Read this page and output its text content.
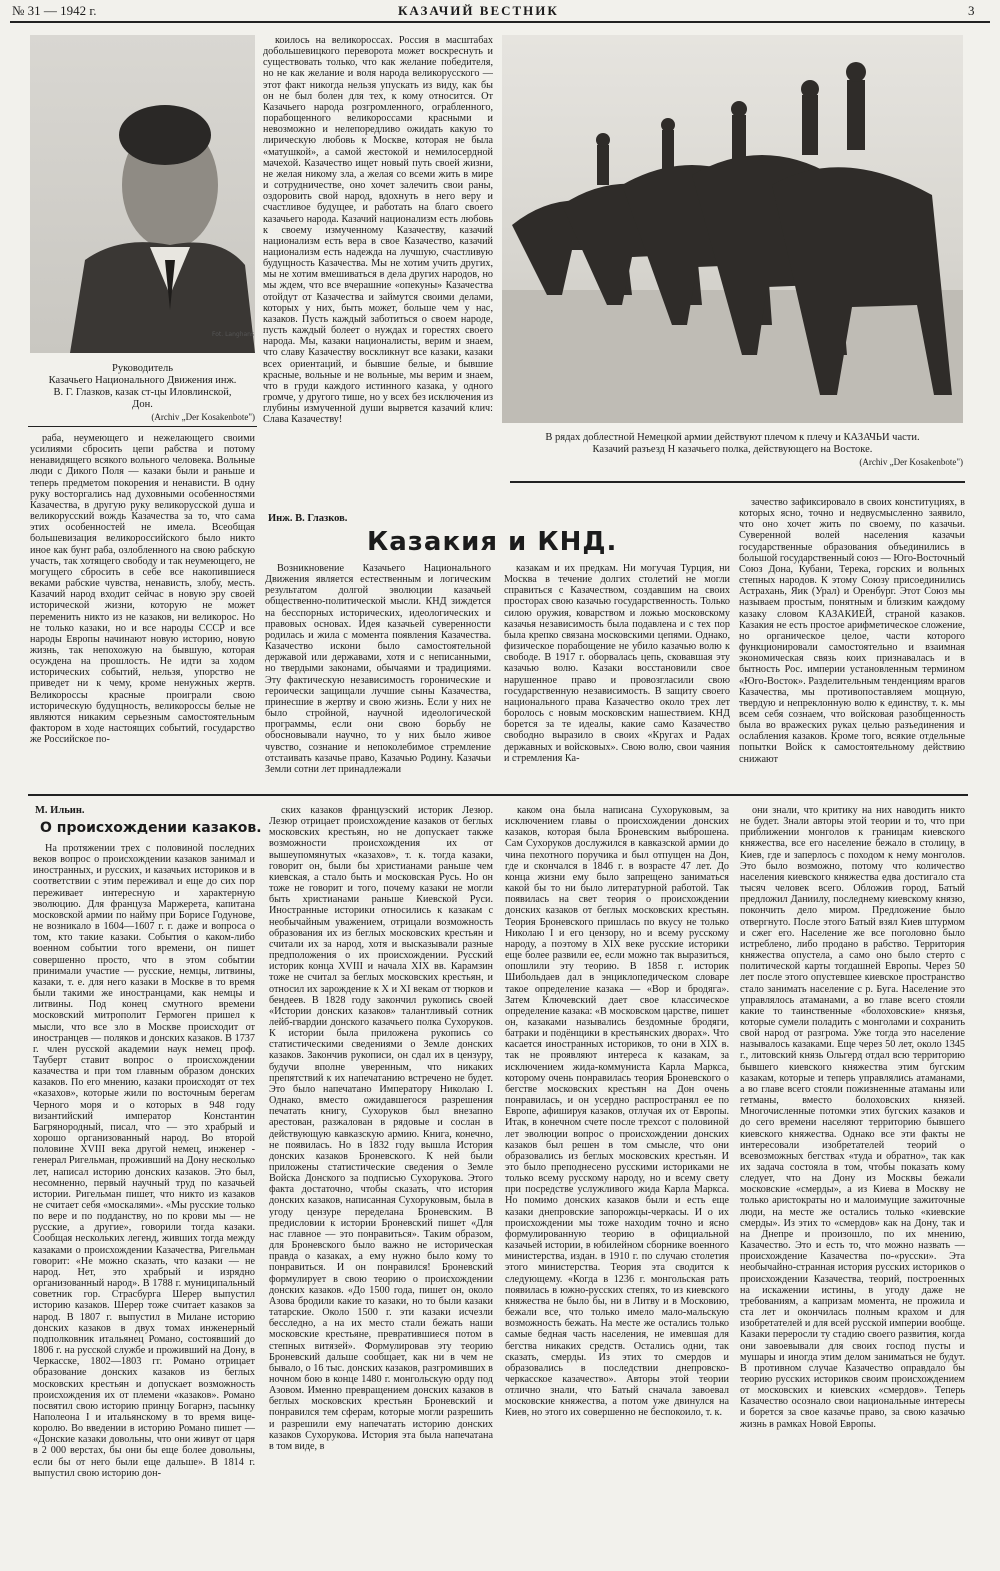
№ 31 — 1942 г.	КАЗАЧИЙ ВЕСТНИК	3
Fot. Langhans
Руководитель
Казачьего Национального Движения инж.
В. Г. Глазков, казак ст-цы Иловлинской,
Дон.
(Archiv „Der Kosakenbote")
В рядах доблестной Немецкой армии действуют плечом к плечу и КАЗАЧЬИ части.
Казачий разъезд Н казачьего полка, действующего на Востоке.
(Archiv „Der Kosakenbote")

раба, неумеющего и нежелающего своими усилиями сбросить цепи рабства и потому ненавидящего всякого вольного человека. Вольные люди с Дикого Поля — казаки были и раньше и теперь предметом покорения и ненависти. В одну руку восторгались над духовными особенностями Казачества, в другую руку великорусской душа и великорусский вождь Казачества за то, что сама этих особенностей не имела. Всеобщая большевизация великороссийского было никто иное как бунт раба, озлобленного на свою рабскую участь, так хотящего свободу и так неумеющего, не могущего сбросить в себе все накопившиеся веками рабские чувства, ненависть, злобу, месть. Казачий народ входит сейчас в новую эру своей исторической жизни, которую не может переменить никто из не казаков, ни великорос. Но не только казаки, но и все народы СССР и все народы Европы начинают новую историю, новую жизнь, так непохожую на бывшую, которая осуждена на прошлость. Не идти за ходом исторических событий, нельзя, упорство не приведет ни к чему, кроме ненужных жертв. Великороссы красные проиграли свою историческую будущность, великороссы белые не являются никаким серьезным самостоятельным фактором в ходе настоящих событий, государство же Российское по-

коилось на великороссах. Россия в масштабах добольшевицкого переворота может воскреснуть и существовать только, что как желание победителя, но не как желание и воля народа великорусского — этот факт никогда нельзя упускать из виду, как бы он не был болен для тех, к кому относится. От Казачьего народа розгромленного, ограбленного, порабощенного великороссами красными и невозможно и нелепоредливо ожидать какую то лирическую любовь к Москве, которая не была «матушкой», а самой жестокой и немилосердной мачехой. Казачество ищет новый путь своей жизни, не желая никому зла, а желая со всеми жить в мире и сотрудничестве, оно хочет залечить свои раны, оздоровить свой народ, вдохнуть в него веру и счастливое будущее, и работать на благо своего казачьего народа. Казачий национализм есть любовь к своему измученному Казачеству, казачий национализм есть вера в свое Казачество, казачий национализм есть надежда на лучшую, счастливую будущность Казачества. Мы не хотим учить других, мы не хотим вмешиваться в дела других народов, но мы ждем, что все вчерашние «опекуны» Казачества отойдут от Казачества и займутся своими делами, которых у них, быть может, больше чем у нас, казаков. Пусть каждый заботиться о своем народе, пусть каждый болеет о нуждах и горестях своего народа. Мы, казаки националисты, верим и знаем, что славу Казачеству воскликнут все казаки, казаки всех ориентаций, и бывшие белые, и бывшие красные, вольные и не вольные, мы верим и знаем, что в груди каждого истинного казака, у одного громче, у другого тише, но у всех без исключения из глубины измученной души вырвется казачий клич: Слава Казачеству!

Инж. В. Глазков.
Казакия и КНД.

Возникновение Казачьего Национального Движения является естественным и логическим результатом долгой эволюции казачьей общественно-политической мысли. КНД зиждется на бесспорных исторических, идеологических и правовых основах. Идея казачьей суверенности родилась и жила с момента появления Казачества. Казачество искони было самостоятельной державой или державами, хотя и с неписанными, но твердыми законами, обычаями и традициями. Эту фактическую независимость горонические и героически защищали лучшие сыны Казачества, принесшие в жертву и свою жизнь. Если у них не было стройной, научной идеологической программы, если они свою борьбу не обосновывали научно, то у них было живое чувство, сознание и непоколебимое стремление отстаивать казачье право, Казачью Родину. Казачьи Земли сотни лет принадлежали

казакам и их предкам. Ни могучая Турция, ни Москва в течение долгих столетий не могли справиться с Казачеством, создавшим на своих просторах свою казачью государственность. Только силою оружия, коварством и ложью московскому казачья независимость была подавлена и с тех пор была крепко связана московскими цепями. Однако, физическое порабощение не убило казачью волю к свободе. В 1917 г. оборвалась цепь, сковавшая эту казачью волю. Казаки восстановили свое нарушенное право и провозгласили свою государственную независимость. В защиту своего национального права Казачество около трех лет боролось с новым московским нашествием. КНД борется за те идеалы, какие само Казачество свободно выразило в своих «Кругах и Радах державных и войсковых». Свою волю, свои чаяния и стремления Ка-

зачество зафиксировало в своих конституциях, в которых ясно, точно и недвусмысленно заявило, что оно хочет жить по своему, по казачьи. Суверенной волей населения казачьи государственные образования объединились в большой государственный союз — Юго-Восточный Союз Дона, Кубани, Терека, горских и вольных степных народов. К этому Союзу присоединились Астрахань, Яик (Урал) и Оренбург. Этот Союз мы называем простым, понятным и близким каждому казаку словом КАЗАКИЕЙ, страной казаков. Казакия не есть простое арифметическое сложение, но органическое целое, части которого функционировали самостоятельно и взаимная экономическая связь коих признавалась и в бытность Рос. империи установленным термином «Юго-Восток». Разделительным тенденциям врагов Казачества, мы противопоставляем мощную, твердую и непреклонную волю к единству, т. к. мы всем себя сознаем, что войсковая разобщенность была во вражеских руках целью разъединения и ослабления казаков. Кроме того, всякие отдельные попытки Войск к самостоятельному действию снижают

М. Ильин.
О происхождении казаков.

На протяжении трех с половиной последних веков вопрос о происхождении казаков занимал и иностранных, и русских, и казачьих историков и в соответствии с этим переживал и еще до сих пор переживает интересную и характерную эволюцию. Для француза Маржерета, капитана московской армии по найму при Борисе Годунове, не возникало в 1604—1607 г. г. даже и вопроса о том, кто такие казаки. События о каком-либо военном событии того времени, он пишет совершенно просто, что в этом событии принимали участие — русские, немцы, литвины, казаки, т. е. для него казаки в Москве в то время были такими же иностранцами, как немцы и литвины. Под конец смутного времени московский митрополит Гермоген пришел к мысли, что все зло в Москве происходит от иностранцев — поляков и донских казаков. В 1737 г. член русской академии наук немец проф. Тауберт ставит вопрос о происхождении казачества и при том главным образом донских казаков. По его мнению, казаки происходят от тех «казахов», которые жили по восточным берегам Черного моря и о которых в 948 году византийский император Константин Багрянородный, писал, что — это храбрый и хорошо организованный народ. Во второй половине XVIII века другой немец, инженер - генерал Ригельман, проживший на Дону несколько лет, написал историю донских казаков. Это был, несомненно, первый научный труд по казачьей истории. Ригельман пишет, что никто из казаков не считает себя «москалями». «Мы русские только по вере и по подданству, но по крови мы — не русские, а другие», говорили тогда казаки. Сообщая нескольких легенд, живших тогда между казаками о происхождении Казачества, Ригельман говорит: «Не можно сказать, что казаки — не народ. Нет, это храбрый и изрядно организованный народ». В 1788 г. муниципальный советник гор. Страсбурга Шерер выпустил историю казаков. Шерер тоже считает казаков за народ. В 1807 г. выпустил в Милане историю донских казаков в двух томах инженерный подполковник итальянец Романо, состоявший до 1806 г. на русской службе и проживший на Дону, в Черкасске, 1802—1803 гг. Романо отрицает образование донских казаков из беглых московских крестьян и допускает возможность происхождения их от племени «казаков». Романо посвятил свою историю принцу Богарнэ, пасынку Наполеона I и итальянскому в то время вице-королю. Во введении в историю Романо пишет — «Донские казаки довольны, что они живут от царя в 2 000 верстах, бы они бы еще более довольны, если бы от него были еще дальше». В 1814 г. выпустил свою историю дон-

ских казаков французский историк Лезюр. Лезюр отрицает происхождение казаков от беглых московских крестьян, но не допускает также возможности происхождения их от вышеупомянутых «казахов», т. к. тогда казаки, говорит он, были бы христианами раньше чем киевская, а стало быть и московская Русь. Но он тоже не говорит и того, почему казаки не могли быть христианами раньше Киевской Руси. Иностранные историки относились к казакам с необычайным уважением, отрицали возможность образования их из беглых московских крестьян и считали их за народ, хотя и высказывали разные предположения о их происхождении. Русский историк конца XVIII и начала XIX вв. Карамзин тоже не считал за беглых московских крестьян, и относил их зарождение к X и XI векам от тюрков и бендеев. В 1828 году закончил рукопись своей «Истории донских казаков» талантливый сотник лейб-гвардии донского казачьего полка Сухоруков. К истории была приложена рукопись со статистическими сведениями о Земле донских казаков. Закончив рукописи, он сдал их в цензуру, будучи вполне уверенным, что никаких препятствий к их напечатанию встречено не будет. Это было напечатано Императору Николаю I. Однако, вместо ожидавшегося разрешения печатать книгу, Сухоруков был внезапно арестован, разжалован в рядовые и сослан в действующую кавказскую армию. Книга, конечно, не появилась. Но в 1832 году вышла История донских казаков Броневского. К ней были приложены статистические сведения о Земле Войска Донского за подписью Сухорукова. Этого факта достаточно, чтобы сказать, что история донских казаков, написанная Сухоруковым, была в угоду цензуре переделана Броневским. В предисловии к истории Броневский пишет «Для нас главное — это понравиться». Таким образом, для Броневского было важно не историческая правда о казаках, а ему нужно было кому то понравиться. И он понравился! Броневский формулирует в свою теорию о происхождении донских казаков. «До 1500 года, пишет он, около Азова бродили какие то казаки, но то были казаки татарские. Около 1500 г. эти казаки исчезли бесследно, а на их место стали бежать наши московские крестьяне, превратившиеся потом в степных витязей». Формулировав эту теорию Броневский дальше сообщает, как ни в чем не бывало, о 16 тыс. донских казаков, разгромивших в ночном бою в конце 1480 г. монгольскую орду под Азовом. Именно превращением донских казаков в беглых московских крестьян Броневский и понравился тем сферам, которые могли разрешить и разрешили ему напечатать историю донских казаков Сухорукова. История эта была напечатана в том виде, в

каком она была написана Сухоруковым, за исключением главы о происхождении донских казаков, которая была Броневским выброшена. Сам Сухоруков дослужился в кавказской армии до чина пехотного поручика и был отпущен на Дон, где и скончался в 1846 г. в возрасте 47 лет. До конца жизни ему было запрещено заниматься какой бы то ни было литературной работой. Так появилась на свет теория о происхождении донских казаков от беглых московских крестьян. Теория Броневского пришлась по вкусу не только Николаю I и его цензору, но и всему русскому народу, а поэтому в XIX веке русские историки еще более развили ее, если можно так выразиться, опошлили эту теорию. В 1858 г. историк Шибольдаев дал в энциклопедическом словаре такое определение казака — «Вор и бродяга». Затем Ключевский дает свое классическое определение казака: «В московском царстве, пишет он, казаками назывались бездомные бродяги, батраки и подёнщики в крестьянских дворах». Что касается иностранных историков, то они в XIX в. так не проявляют интереса к казакам, за исключением жида-коммуниста Карла Маркса, которому очень понравилась теория Броневского о бегстве московских крестьян на Дон очень понравилась, и он усердно распространял ее по Европе, афишируя казаков, отлучая их от Европы. Итак, в конечном счете после трехсот с половиной лет эволюции вопрос о происхождении донских казаков был решен в том смысле, что они образовались из беглых московских крестьян. И это было преподнесено русскими историками не только всему русскому народу, но и всему свету при посредстве услужливого жида Карла Маркса. Но помимо донских казаков были и есть еще казаки днепровские запорожцы-черкасы. И о их происхождении мы тоже находим точно и ясно формулированную теорию в официальной казачьей истории, в юбилейном сборнике военного министерства, издан. в 1910 г. по случаю столетия этого министерства. Теория эта сводится к следующему. «Когда в 1236 г. монгольская рать появилась в южно-русских степях, то из киевского княжества не было бы, ни в Литву и в Московию, бежали все, что только имело мало-мальскую возможность бежать. На месте же остались только самые бедная часть населения, не имевшая для бегства никаких средств. Остались одни, так сказать, смерды. Из этих то смердов и образовались в последствии днепровско-черкасское казачество». Авторы этой теории отлично знали, что Батый сначала завоевал московские княжества, а потом уже двинулся на Киев, но этого их совершенно не беспокоило, т. к.

они знали, что критику на них наводить никто не будет. Знали авторы этой теории и то, что при приближении монголов к границам киевского княжества, все его население бежало в столицу, в Киев, где и заперлось с походом к нему монголов. Это было возможно, потому что количество населения киевского княжества едва достигало ста тысяч человек всего. Обложив город, Батый предложил Даниилу, последнему киевскому князю, покончить дело миром. Предложение было отвергнуто. После этого Батый взял Киев штурмом и сжег его. Население же все поголовно было истреблено, либо продано в рабство. Территория княжества опустела, а само оно было стерто с политической карты тогдашней Европы. Через 50 лет после этого опустевшее киевское пространство стало занимать население с р. Буга. Население это управлялось атаманами, а во главе всего стояли какие то таинственные «болоховские» князья, которые сумели поладить с монголами и сохранить свой народ от разгрома. Уже тогда это население называлось казаками. Еще через 50 лет, около 1345 г., литовский князь Ольгерд отдал всю территорию бывшего киевского княжества этим бугским казакам, которые и теперь управлялись атаманами, а во главе всего стояли пожизненные атаманы или гетманы, вместо болоховских князей. Многочисленные потомки этих бугских казаков и до сего времени населяют территорию бывшего киевского княжества. Однако все эти факты не интересовали изобретателей теорий о всевозможных бегствах «туда и обратно», так как их задача состояла в том, чтобы показать кому следует, что на Дону из Москвы бежали московские «смерды», а из Киева в Москву не только аристократы но и малоимущие зажиточные люди, на месте же остались только «киевские смерды». Из этих то «смердов» как на Дону, так и на Днепре и произошло, по их мнению, Казачество. Это и есть то, что можно назвать — происхождение Казачества по-«русски». Эта необычайно-странная история русских историков о происхождении Казачества, теорий, построенных на искажении истины, в угоду даже не требованиям, а капризам момента, не прожила и ста лет и окончилась полным крахом и для изобретателей и для всей русской империи вообще. Казаки переросли ту стадию своего развития, когда они завоевывали для своих господ пусты и мушары и иногда этим делом заниматься не будут. В противном случае Казачество оправдало бы теорию русских историков своим происхождением от московских и киевских «смердов». Теперь Казачество осознало свои национальные интересы и борется за свое казачье право, за свою казачью жизнь в рамках Новой Европы.
